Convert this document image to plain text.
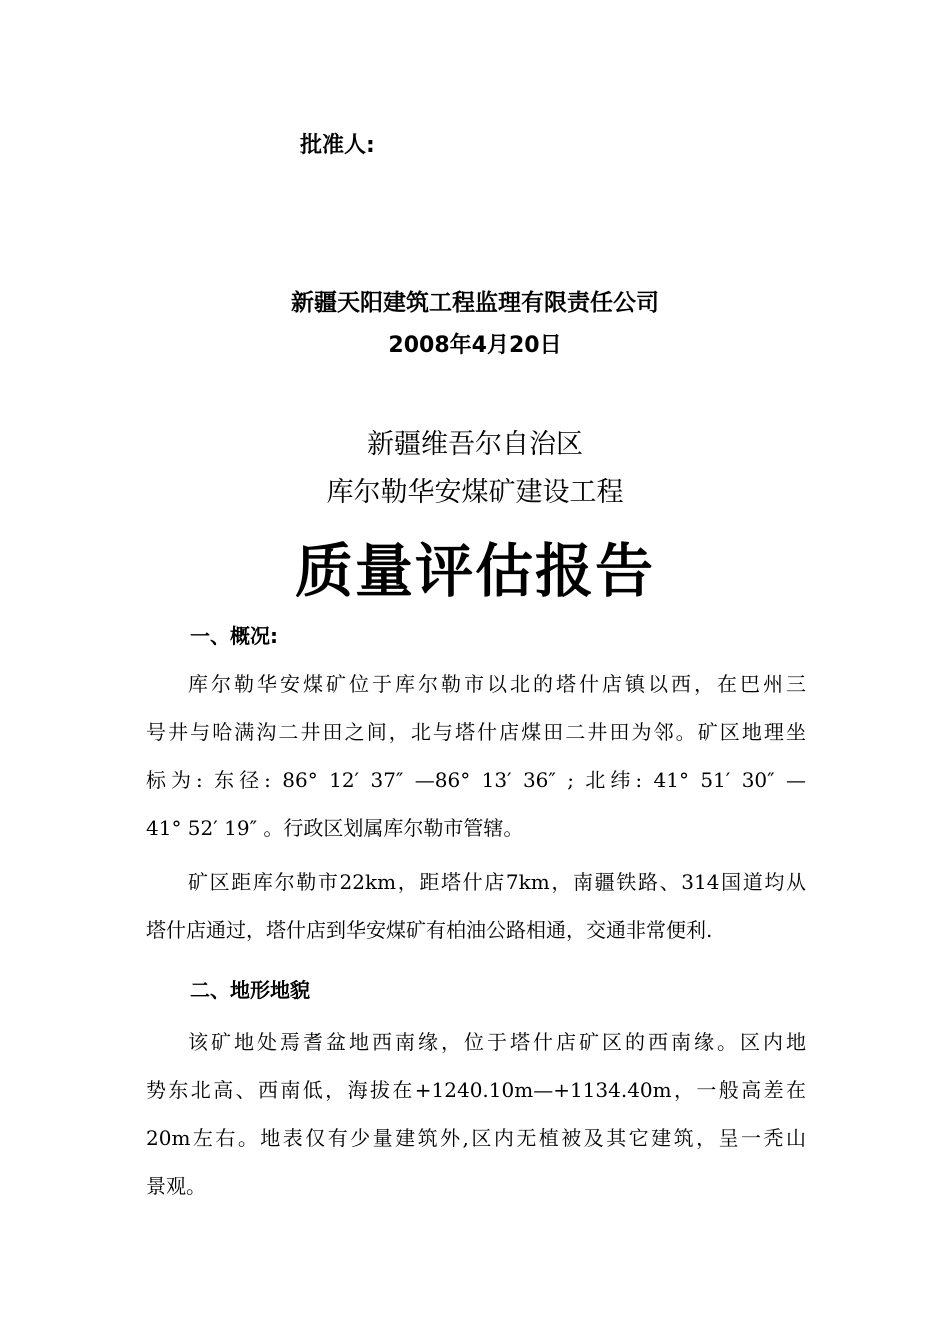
批准人:
新疆天阳建筑工程监理有限责任公司
2008年4月20日
新疆维吾尔自治区
库尔勒华安煤矿建设工程
质量评估报告
一、概况:
库尔勒华安煤矿位于库尔勒市以北的塔什店镇以西，在巴州三
号井与哈满沟二井田之间，北与塔什店煤田二井田为邻。矿区地理坐
标为: 东径: 86° 12′ 37″ —86° 13′ 36″ ; 北纬: 41° 51′ 30″ —
41° 52′ 19″ 。行政区划属库尔勒市管辖。
矿区距库尔勒市22km，距塔什店7km，南疆铁路、314国道均从
塔什店通过，塔什店到华安煤矿有柏油公路相通，交通非常便利.
二、地形地貌
该矿地处焉耆盆地西南缘，位于塔什店矿区的西南缘。区内地
势东北高、西南低，海拔在+1240.10m—+1134.40m，一般高差在
20m左右。地表仅有少量建筑外,区内无植被及其它建筑，呈一秃山
景观。
